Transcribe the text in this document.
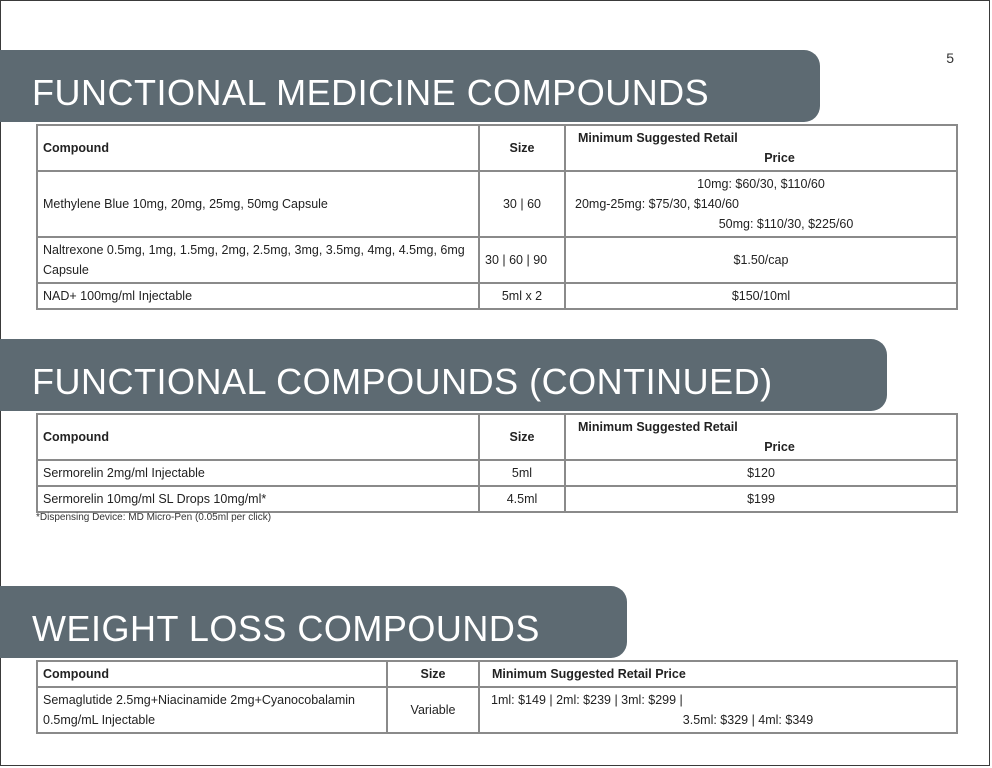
5
FUNCTIONAL MEDICINE COMPOUNDS
Compound	Size	Minimum Suggested Retail
Price

Methylene Blue 10mg, 20mg, 25mg, 50mg Capsule	30 | 60	10mg: $60/30, $110/60
20mg-25mg: $75/30, $140/60
50mg: $110/30, $225/60

Naltrexone 0.5mg, 1mg, 1.5mg, 2mg, 2.5mg, 3mg, 3.5mg, 4mg, 4.5mg, 6mg Capsule	30 | 60 | 90	$1.50/cap
NAD+ 100mg/ml Injectable	5ml x 2	$150/10ml
FUNCTIONAL COMPOUNDS (CONTINUED)
Compound	Size	Minimum Suggested Retail
Price

Sermorelin 2mg/ml Injectable	5ml	$120
Sermorelin 10mg/ml SL Drops 10mg/ml*	4.5ml	$199
*Dispensing Device: MD Micro-Pen (0.05ml per click)
WEIGHT LOSS COMPOUNDS
Compound	Size	Minimum Suggested Retail Price
Semaglutide 2.5mg+Niacinamide 2mg+Cyanocobalamin 0.5mg/mL Injectable	Variable	1ml: $149 | 2ml: $239 | 3ml: $299 |
3.5ml: $329 | 4ml: $349
